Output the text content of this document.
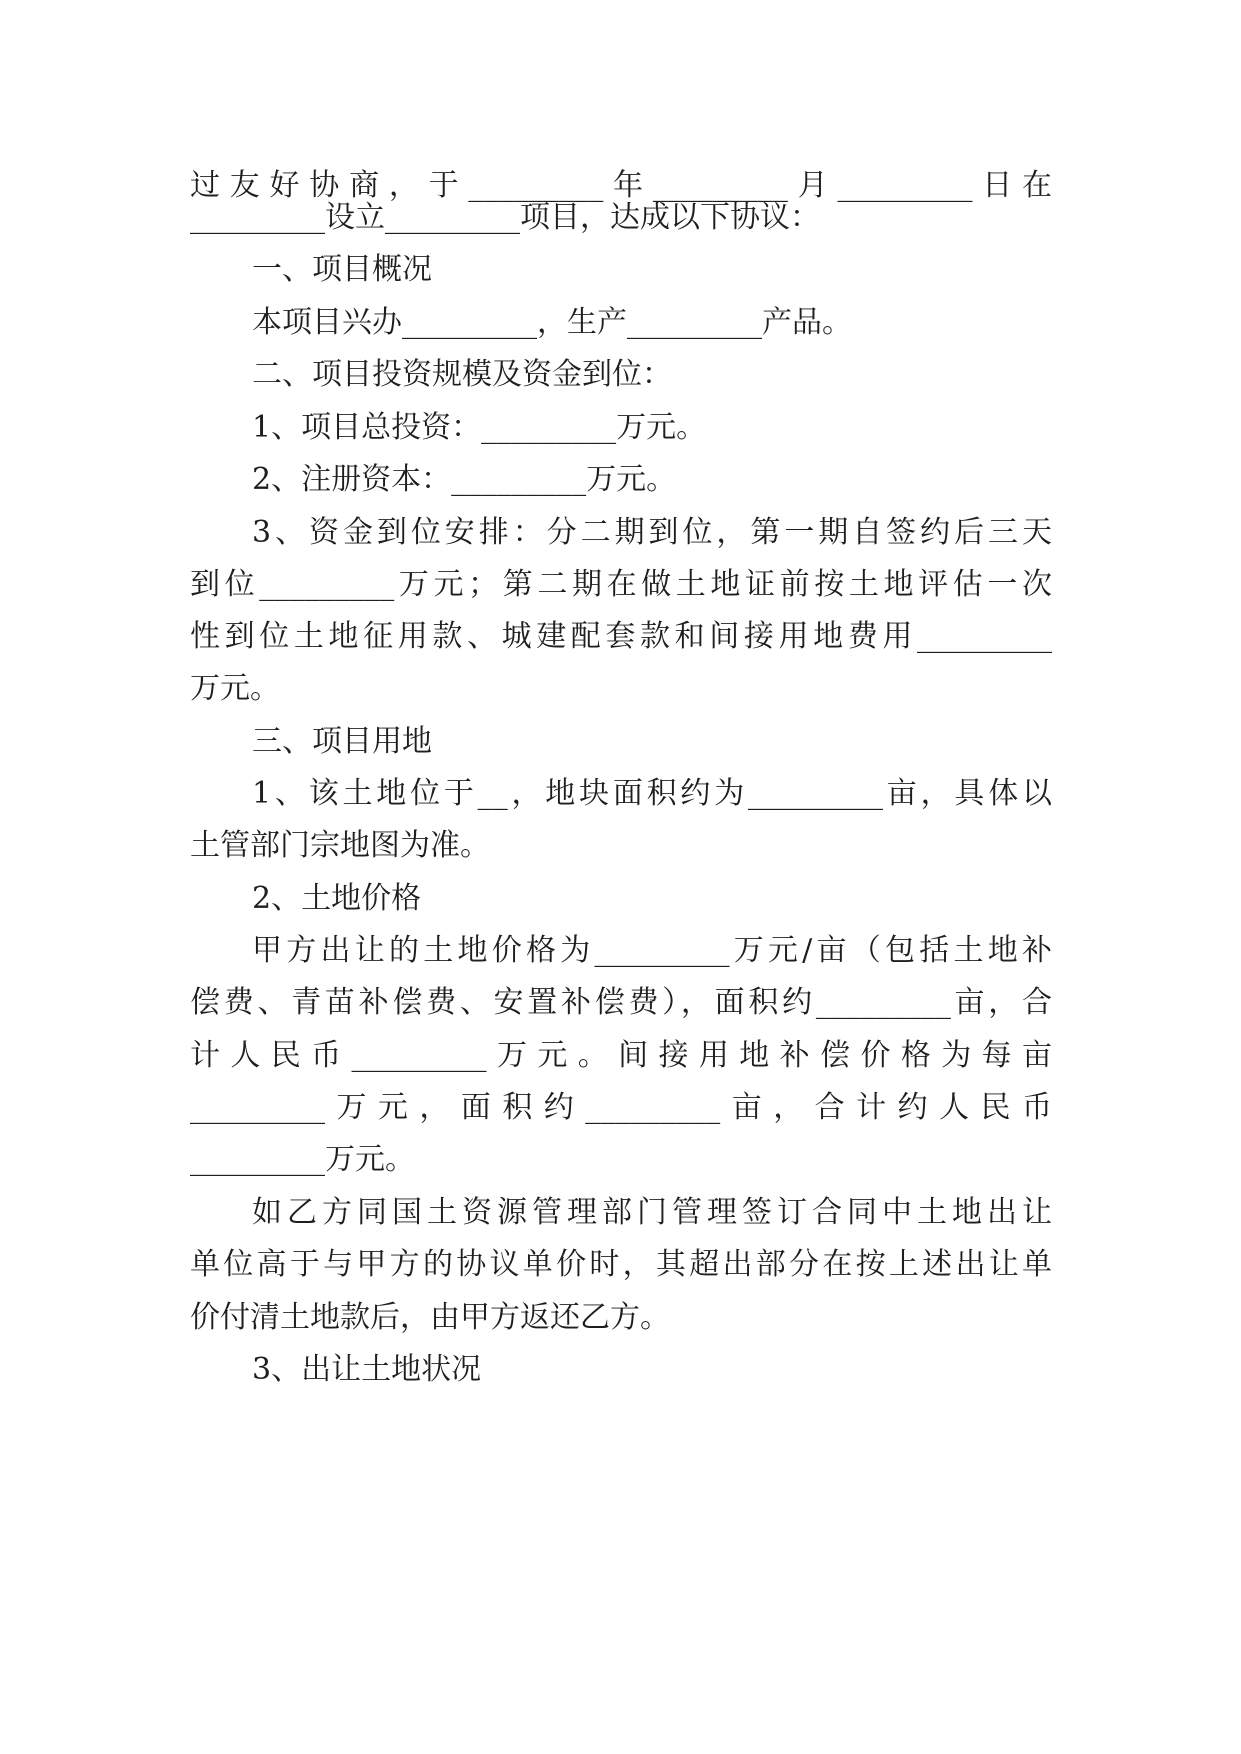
过友好协商，于_________年_________月_________日在
_________设立_________项目，达成以下协议：
一、项目概况
本项目兴办_________，生产_________产品。
二、项目投资规模及资金到位：
1、项目总投资：_________万元。
2、注册资本：_________万元。
3、资金到位安排：分二期到位，第一期自签约后三天
到位_________万元；第二期在做土地证前按土地评估一次
性到位土地征用款、城建配套款和间接用地费用_________
万元。
三、项目用地
1、该土地位于__，地块面积约为_________亩，具体以
土管部门宗地图为准。
2、土地价格
甲方出让的土地价格为_________万元/亩（包括土地补
偿费、青苗补偿费、安置补偿费），面积约_________亩，合
计人民币_________万元。间接用地补偿价格为每亩
_________万元，面积约_________亩，合计约人民币
_________万元。
如乙方同国土资源管理部门管理签订合同中土地出让
单位高于与甲方的协议单价时，其超出部分在按上述出让单
价付清土地款后，由甲方返还乙方。
3、出让土地状况
